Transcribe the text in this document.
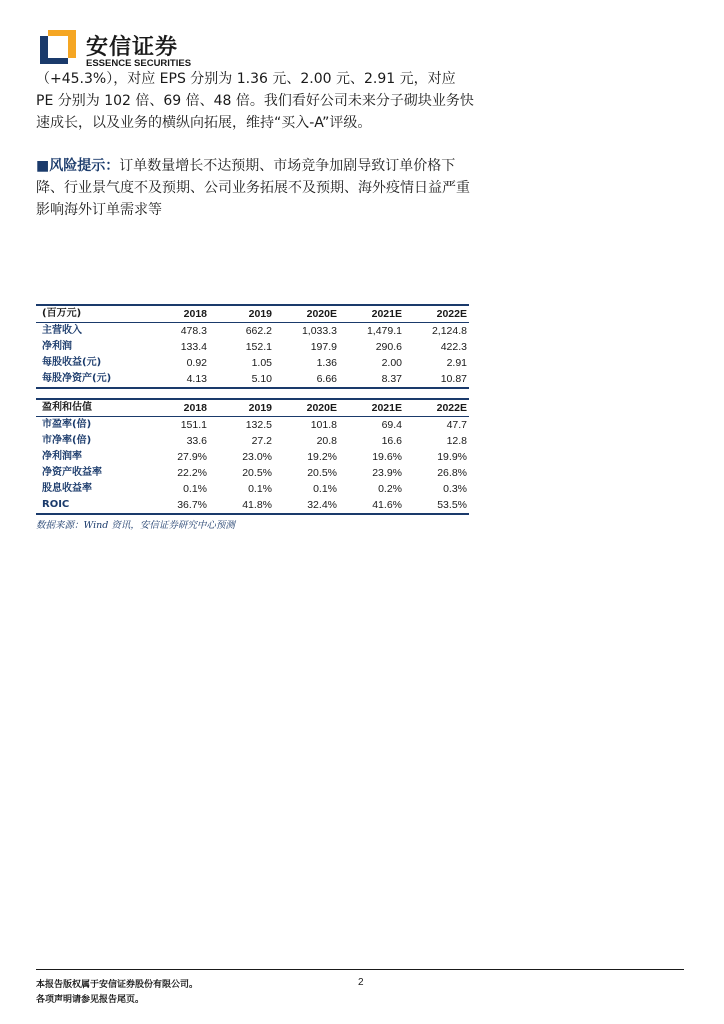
安信证券
ESSENCE SECURITIES
（+45.3%），对应 EPS 分别为 1.36 元、2.00 元、2.91 元，对应 PE 分别为 102 倍、69 倍、48 倍。我们看好公司未来分子砌块业务快速成长，以及业务的横纵向拓展，维持“买入-A”评级。
■风险提示：订单数量增长不达预期、市场竞争加剧导致订单价格下降、行业景气度不及预期、公司业务拓展不及预期、海外疫情日益严重影响海外订单需求等
(百万元)	2018	2019	2020E	2021E	2022E
主营收入	478.3	662.2	1,033.3	1,479.1	2,124.8
净利润	133.4	152.1	197.9	290.6	422.3
每股收益(元)	0.92	1.05	1.36	2.00	2.91
每股净资产(元)	4.13	5.10	6.66	8.37	10.87
盈利和估值	2018	2019	2020E	2021E	2022E
市盈率(倍)	151.1	132.5	101.8	69.4	47.7
市净率(倍)	33.6	27.2	20.8	16.6	12.8
净利润率	27.9%	23.0%	19.2%	19.6%	19.9%
净资产收益率	22.2%	20.5%	20.5%	23.9%	26.8%
股息收益率	0.1%	0.1%	0.1%	0.2%	0.3%
ROIC	36.7%	41.8%	32.4%	41.6%	53.5%
数据来源：Wind 资讯，安信证券研究中心预测
本报告版权属于安信证券股份有限公司。
各项声明请参见报告尾页。
2
